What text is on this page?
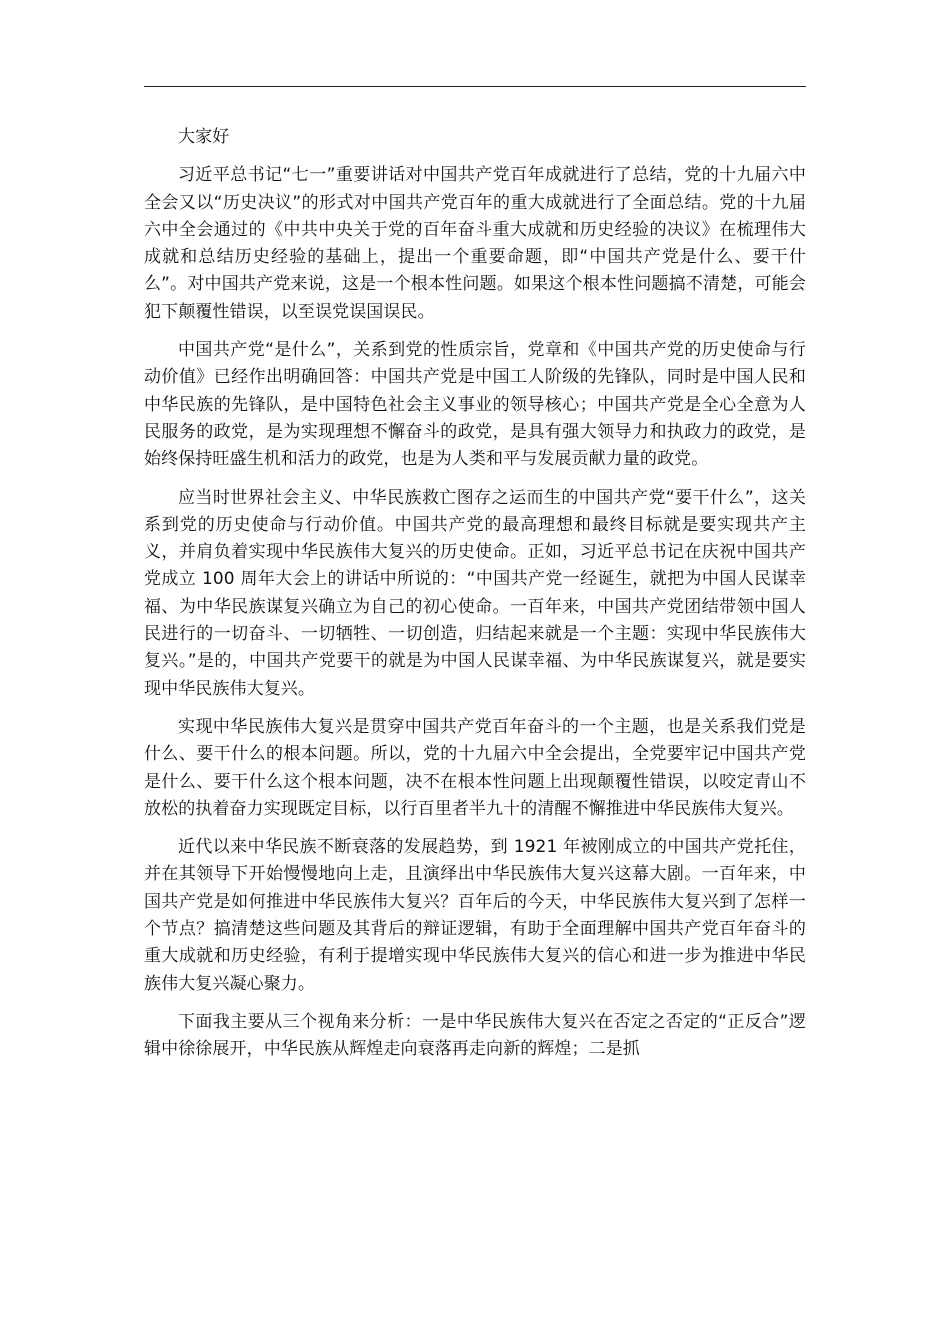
大家好

习近平总书记“七一”重要讲话对中国共产党百年成就进行了总结，党的十九届六中全会又以“历史决议”的形式对中国共产党百年的重大成就进行了全面总结。党的十九届六中全会通过的《中共中央关于党的百年奋斗重大成就和历史经验的决议》在梳理伟大成就和总结历史经验的基础上，提出一个重要命题，即“中国共产党是什么、要干什么”。对中国共产党来说，这是一个根本性问题。如果这个根本性问题搞不清楚，可能会犯下颠覆性错误，以至误党误国误民。

中国共产党“是什么”，关系到党的性质宗旨，党章和《中国共产党的历史使命与行动价值》已经作出明确回答：中国共产党是中国工人阶级的先锋队，同时是中国人民和中华民族的先锋队，是中国特色社会主义事业的领导核心；中国共产党是全心全意为人民服务的政党，是为实现理想不懈奋斗的政党，是具有强大领导力和执政力的政党，是始终保持旺盛生机和活力的政党，也是为人类和平与发展贡献力量的政党。

应当时世界社会主义、中华民族救亡图存之运而生的中国共产党“要干什么”，这关系到党的历史使命与行动价值。中国共产党的最高理想和最终目标就是要实现共产主义，并肩负着实现中华民族伟大复兴的历史使命。正如，习近平总书记在庆祝中国共产党成立 100 周年大会上的讲话中所说的：“中国共产党一经诞生，就把为中国人民谋幸福、为中华民族谋复兴确立为自己的初心使命。一百年来，中国共产党团结带领中国人民进行的一切奋斗、一切牺牲、一切创造，归结起来就是一个主题：实现中华民族伟大复兴。”是的，中国共产党要干的就是为中国人民谋幸福、为中华民族谋复兴，就是要实现中华民族伟大复兴。

实现中华民族伟大复兴是贯穿中国共产党百年奋斗的一个主题，也是关系我们党是什么、要干什么的根本问题。所以，党的十九届六中全会提出，全党要牢记中国共产党是什么、要干什么这个根本问题，决不在根本性问题上出现颠覆性错误，以咬定青山不放松的执着奋力实现既定目标，以行百里者半九十的清醒不懈推进中华民族伟大复兴。

近代以来中华民族不断衰落的发展趋势，到 1921 年被刚成立的中国共产党托住，并在其领导下开始慢慢地向上走，且演绎出中华民族伟大复兴这幕大剧。一百年来，中国共产党是如何推进中华民族伟大复兴？百年后的今天，中华民族伟大复兴到了怎样一个节点？搞清楚这些问题及其背后的辩证逻辑，有助于全面理解中国共产党百年奋斗的重大成就和历史经验，有利于提增实现中华民族伟大复兴的信心和进一步为推进中华民族伟大复兴凝心聚力。

下面我主要从三个视角来分析：一是中华民族伟大复兴在否定之否定的“正反合”逻辑中徐徐展开，中华民族从辉煌走向衰落再走向新的辉煌；二是抓
